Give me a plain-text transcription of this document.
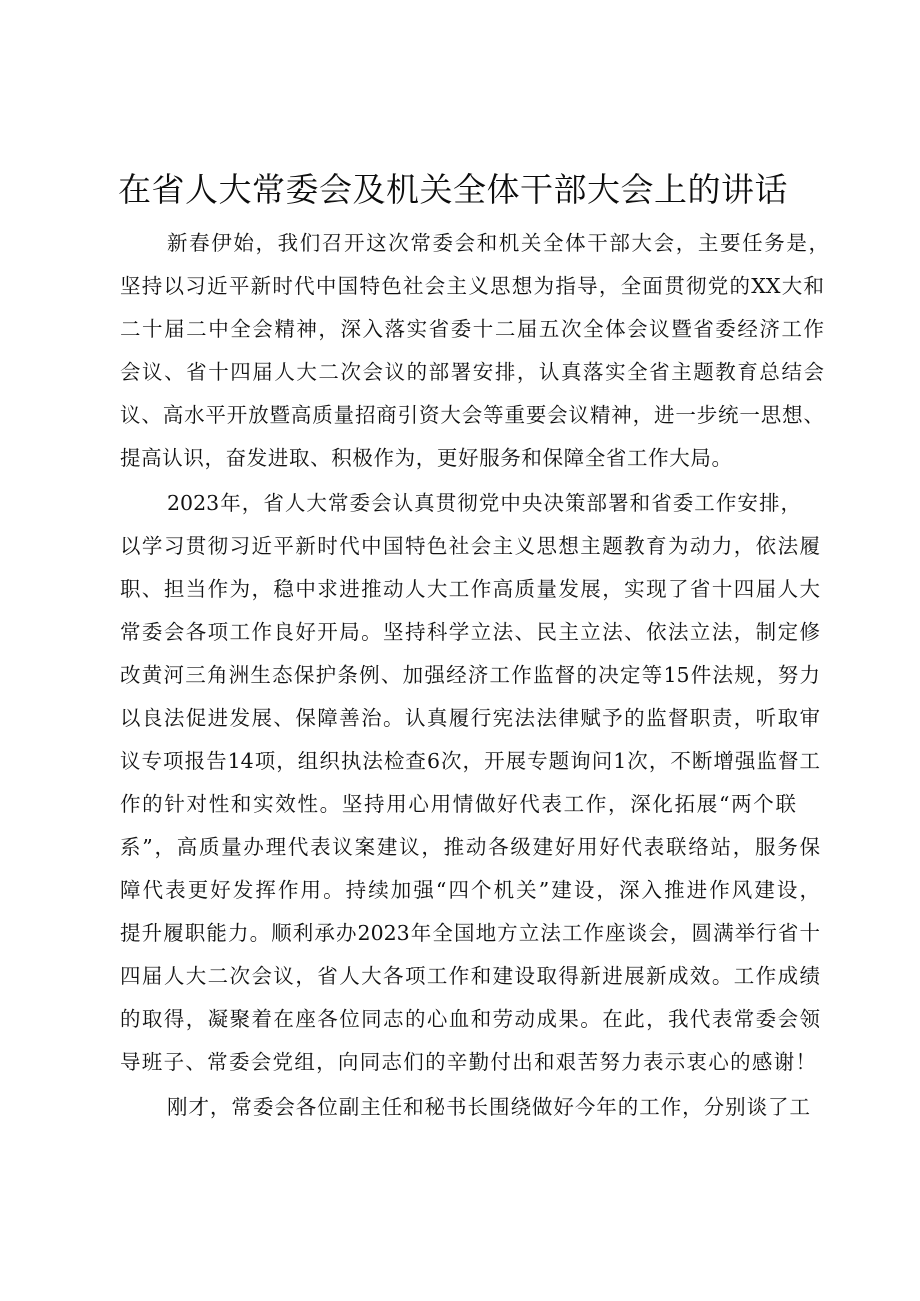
在省人大常委会及机关全体干部大会上的讲话

新春伊始，我们召开这次常委会和机关全体干部大会，主要任务是，

坚持以习近平新时代中国特色社会主义思想为指导，全面贯彻党的XX大和

二十届二中全会精神，深入落实省委十二届五次全体会议暨省委经济工作

会议、省十四届人大二次会议的部署安排，认真落实全省主题教育总结会

议、高水平开放暨高质量招商引资大会等重要会议精神，进一步统一思想、

提高认识，奋发进取、积极作为，更好服务和保障全省工作大局。

2023年，省人大常委会认真贯彻党中央决策部署和省委工作安排，

以学习贯彻习近平新时代中国特色社会主义思想主题教育为动力，依法履

职、担当作为，稳中求进推动人大工作高质量发展，实现了省十四届人大

常委会各项工作良好开局。坚持科学立法、民主立法、依法立法，制定修

改黄河三角洲生态保护条例、加强经济工作监督的决定等15件法规，努力

以良法促进发展、保障善治。认真履行宪法法律赋予的监督职责，听取审

议专项报告14项，组织执法检查6次，开展专题询问1次，不断增强监督工

作的针对性和实效性。坚持用心用情做好代表工作，深化拓展“两个联

系”，高质量办理代表议案建议，推动各级建好用好代表联络站，服务保

障代表更好发挥作用。持续加强“四个机关”建设，深入推进作风建设，

提升履职能力。顺利承办2023年全国地方立法工作座谈会，圆满举行省十

四届人大二次会议，省人大各项工作和建设取得新进展新成效。工作成绩

的取得，凝聚着在座各位同志的心血和劳动成果。在此，我代表常委会领

导班子、常委会党组，向同志们的辛勤付出和艰苦努力表示衷心的感谢！

刚才，常委会各位副主任和秘书长围绕做好今年的工作，分别谈了工
